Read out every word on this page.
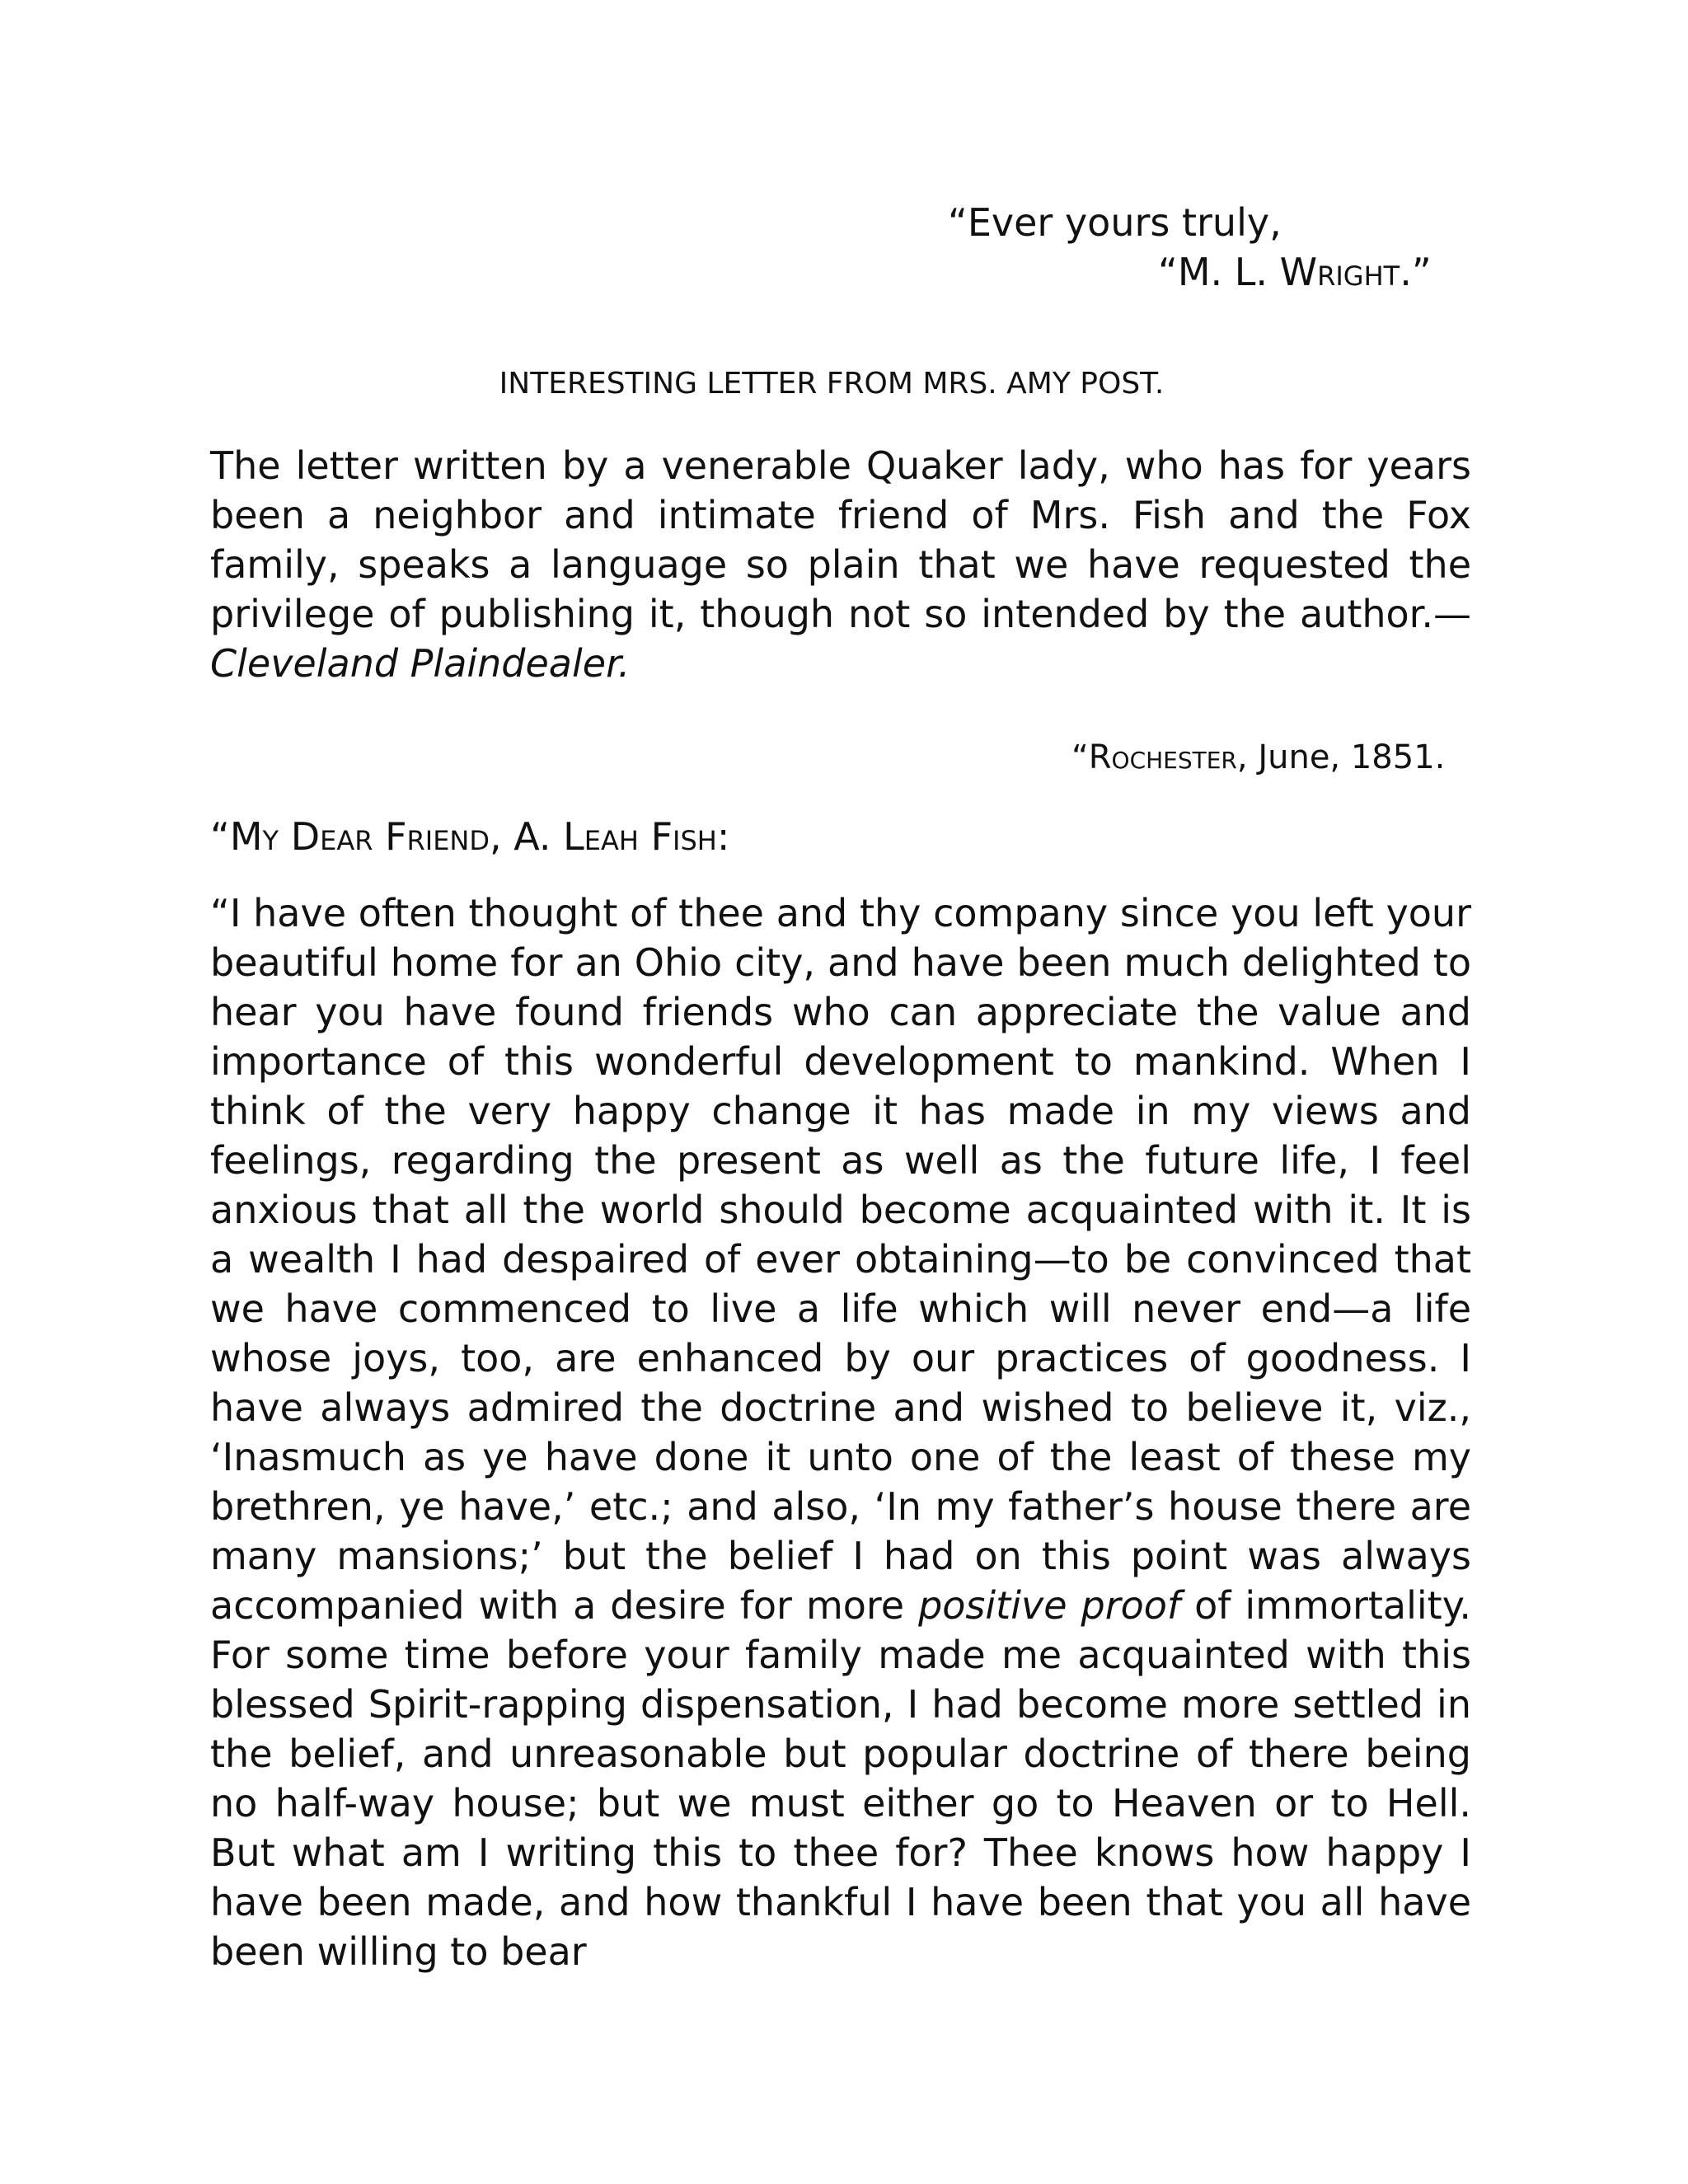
“Ever yours truly,
“M. L. Wright.”
INTERESTING LETTER FROM MRS. AMY POST.

The letter written by a venerable Quaker lady, who has for years been a neighbor and intimate friend of Mrs. Fish and the Fox family, speaks a language so plain that we have requested the privilege of publishing it, though not so intended by the author.—Cleveland Plaindealer.

“Rochester, June, 1851.
“My Dear Friend, A. Leah Fish:

“I have often thought of thee and thy company since you left your beautiful home for an Ohio city, and have been much delighted to hear you have found friends who can appreciate the value and importance of this wonderful development to mankind. When I think of the very happy change it has made in my views and feelings, regarding the present as well as the future life, I feel anxious that all the world should become acquainted with it. It is a wealth I had despaired of ever obtaining—to be convinced that we have commenced to live a life which will never end—a life whose joys, too, are enhanced by our practices of goodness. I have always admired the doctrine and wished to believe it, viz., ‘Inasmuch as ye have done it unto one of the least of these my brethren, ye have,’ etc.; and also, ‘In my father’s house there are many mansions;’ but the belief I had on this point was always accompanied with a desire for more positive proof of immortality. For some time before your family made me acquainted with this blessed Spirit-rapping dispensation, I had become more settled in the belief, and unreasonable but popular doctrine of there being no half-way house; but we must either go to Heaven or to Hell. But what am I writing this to thee for? Thee knows how happy I have been made, and how thankful I have been that you all have been willing to bear
